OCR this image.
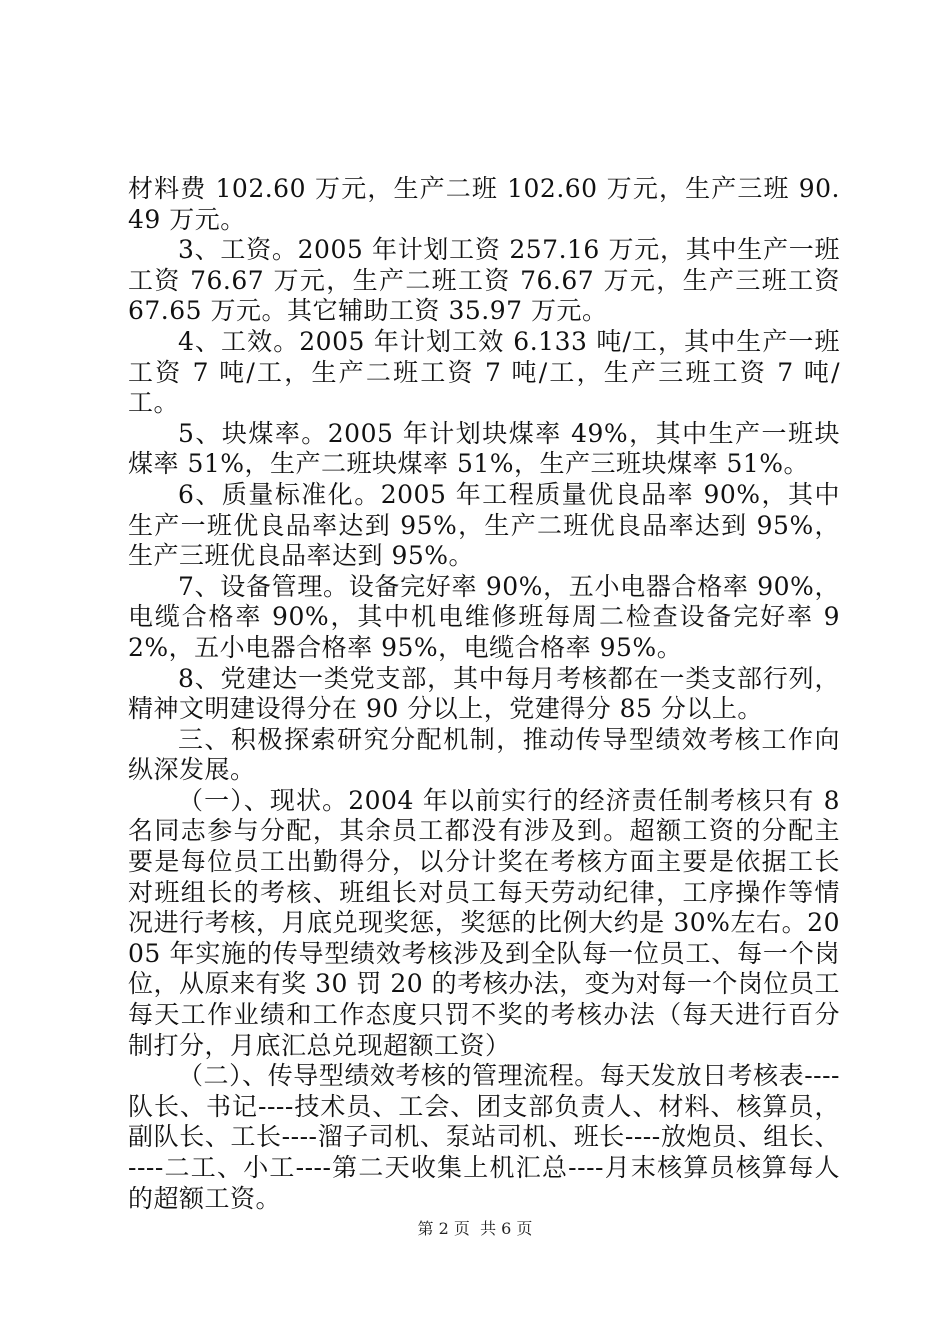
材料费 102.60 万元，生产二班 102.60 万元，生产三班 90.49 万元。

3、工资。2005 年计划工资 257.16 万元，其中生产一班工资 76.67 万元，生产二班工资 76.67 万元，生产三班工资 67.65 万元。其它辅助工资 35.97 万元。

4、工效。2005 年计划工效 6.133 吨/工，其中生产一班工资 7 吨/工，生产二班工资 7 吨/工，生产三班工资 7 吨/工。

5、块煤率。2005 年计划块煤率 49%，其中生产一班块煤率 51%，生产二班块煤率 51%，生产三班块煤率 51%。

6、质量标准化。2005 年工程质量优良品率 90%，其中生产一班优良品率达到 95%，生产二班优良品率达到 95%，生产三班优良品率达到 95%。

7、设备管理。设备完好率 90%，五小电器合格率 90%，电缆合格率 90%，其中机电维修班每周二检查设备完好率 92%，五小电器合格率 95%，电缆合格率 95%。

8、党建达一类党支部，其中每月考核都在一类支部行列，精神文明建设得分在 90 分以上，党建得分 85 分以上。

三、积极探索研究分配机制，推动传导型绩效考核工作向纵深发展。

（一）、现状。2004 年以前实行的经济责任制考核只有 8 名同志参与分配，其余员工都没有涉及到。超额工资的分配主要是每位员工出勤得分，以分计奖在考核方面主要是依据工长对班组长的考核、班组长对员工每天劳动纪律，工序操作等情况进行考核，月底兑现奖惩，奖惩的比例大约是 30%左右。2005 年实施的传导型绩效考核涉及到全队每一位员工、每一个岗位，从原来有奖 30 罚 20 的考核办法，变为对每一个岗位员工每天工作业绩和工作态度只罚不奖的考核办法（每天进行百分制打分，月底汇总兑现超额工资）

（二）、传导型绩效考核的管理流程。每天发放日考核表----队长、书记----技术员、工会、团支部负责人、材料、核算员，副队长、工长----溜子司机、泵站司机、班长----放炮员、组长、----二工、小工----第二天收集上机汇总----月末核算员核算每人的超额工资。

第 2 页  共 6 页
